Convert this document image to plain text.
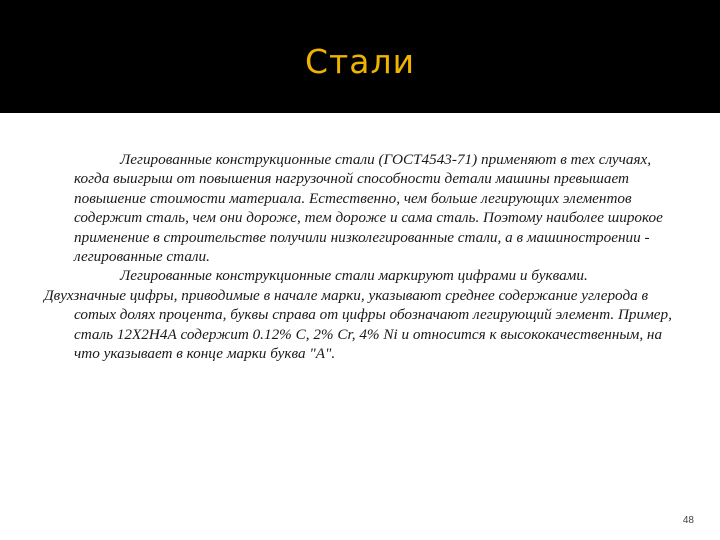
Стали

Легированные конструкционные стали (ГОСТ4543-71) применяют в тех случаях, когда выигрыш от повышения нагрузочной способности детали машины превышает повышение стоимости материала. Естественно, чем больше легирующих элементов содержит сталь, чем они дороже, тем дороже и сама сталь. Поэтому наиболее широкое применение в строительстве получили низколегированные стали, а в машиностроении - легированные стали.

Легированные конструкционные стали маркируют цифрами и буквами.

Двухзначные цифры, приводимые в начале марки, указывают среднее содержание углерода в сотых долях процента, буквы справа от цифры обозначают легирующий элемент. Пример, сталь 12Х2Н4А содержит 0.12% С, 2% Cr, 4% Ni и относится к высококачественным, на что указывает в конце марки буква "А".

48
